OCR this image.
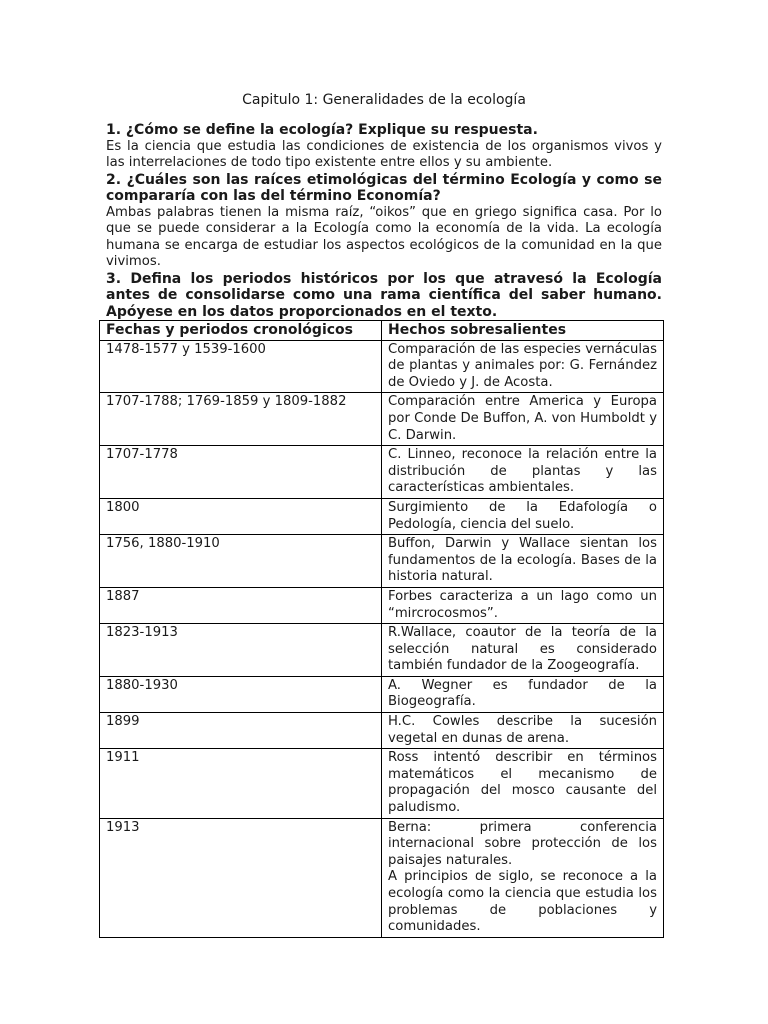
Capitulo 1: Generalidades de la ecología

1. ¿Cómo se define la ecología? Explique su respuesta.

Es la ciencia que estudia las condiciones de existencia de los organismos vivos y las interrelaciones de todo tipo existente entre ellos y su ambiente.

2. ¿Cuáles son las raíces etimológicas del término Ecología y como se compararía con las del término Economía?

Ambas palabras tienen la misma raíz, “oikos” que en griego significa casa. Por lo que se puede considerar a la Ecología como la economía de la vida. La ecología humana se encarga de estudiar los aspectos ecológicos de la comunidad en la que vivimos.

3. Defina los periodos históricos por los que atravesó la Ecología antes de consolidarse como una rama científica del saber humano. Apóyese en los datos proporcionados en el texto.

Fechas y periodos cronológicos	Hechos sobresalientes
1478-1577 y 1539-1600	Comparación de las especies vernáculas de plantas y animales por: G. Fernández de Oviedo y J. de Acosta.

1707-1788; 1769-1859 y 1809-1882	Comparación entre America y Europa por Conde De Buffon, A. von Humboldt y C. Darwin.

1707-1778	C. Linneo, reconoce la relación entre la distribución de plantas y las características ambientales.

1800	Surgimiento de la Edafología o Pedología, ciencia del suelo.

1756, 1880-1910	Buffon, Darwin y Wallace sientan los fundamentos de la ecología. Bases de la historia natural.

1887	Forbes caracteriza a un lago como un “mircrocosmos”.

1823-1913	R.Wallace, coautor de la teoría de la selección natural es considerado también fundador de la Zoogeografía.

1880-1930	A. Wegner es fundador de la Biogeografía.

1899	H.C. Cowles describe la sucesión vegetal en dunas de arena.

1911	Ross intentó describir en términos matemáticos el mecanismo de propagación del mosco causante del paludismo.

1913	Berna: primera conferencia internacional sobre protección de los paisajes naturales.
A principios de siglo, se reconoce a la ecología como la ciencia que estudia los problemas de poblaciones y comunidades.
